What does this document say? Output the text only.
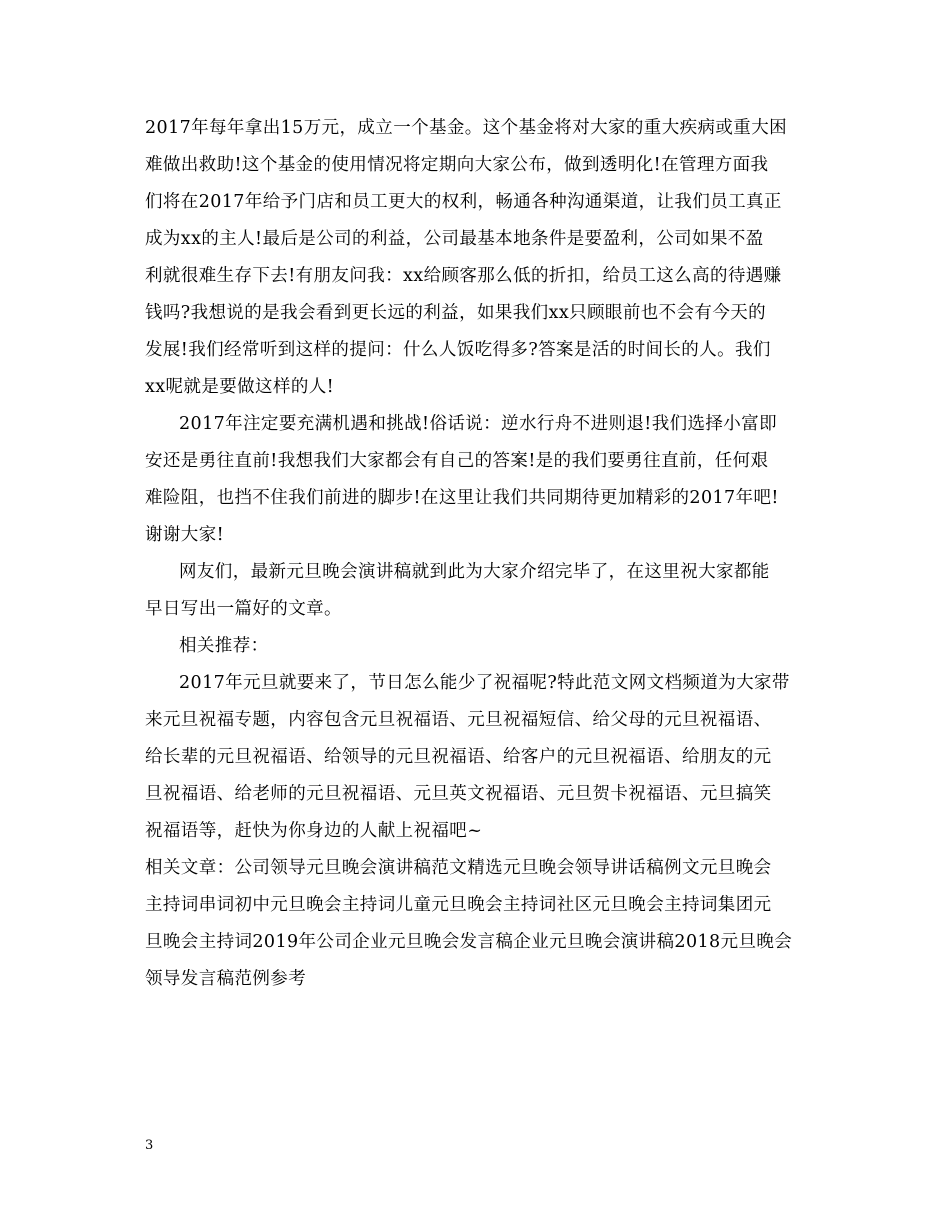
2017年每年拿出15万元，成立一个基金。这个基金将对大家的重大疾病或重大困
难做出救助!这个基金的使用情况将定期向大家公布，做到透明化!在管理方面我
们将在2017年给予门店和员工更大的权利，畅通各种沟通渠道，让我们员工真正
成为xx的主人!最后是公司的利益，公司最基本地条件是要盈利，公司如果不盈
利就很难生存下去!有朋友问我：xx给顾客那么低的折扣，给员工这么高的待遇赚
钱吗?我想说的是我会看到更长远的利益，如果我们xx只顾眼前也不会有今天的
发展!我们经常听到这样的提问：什么人饭吃得多?答案是活的时间长的人。我们
xx呢就是要做这样的人!
2017年注定要充满机遇和挑战!俗话说：逆水行舟不进则退!我们选择小富即
安还是勇往直前!我想我们大家都会有自己的答案!是的我们要勇往直前，任何艰
难险阻，也挡不住我们前进的脚步!在这里让我们共同期待更加精彩的2017年吧!
谢谢大家!
网友们，最新元旦晚会演讲稿就到此为大家介绍完毕了，在这里祝大家都能
早日写出一篇好的文章。
相关推荐：
2017年元旦就要来了，节日怎么能少了祝福呢?特此范文网文档频道为大家带
来元旦祝福专题，内容包含元旦祝福语、元旦祝福短信、给父母的元旦祝福语、
给长辈的元旦祝福语、给领导的元旦祝福语、给客户的元旦祝福语、给朋友的元
旦祝福语、给老师的元旦祝福语、元旦英文祝福语、元旦贺卡祝福语、元旦搞笑
祝福语等，赶快为你身边的人献上祝福吧~
相关文章：公司领导元旦晚会演讲稿范文精选元旦晚会领导讲话稿例文元旦晚会
主持词串词初中元旦晚会主持词儿童元旦晚会主持词社区元旦晚会主持词集团元
旦晚会主持词2019年公司企业元旦晚会发言稿企业元旦晚会演讲稿2018元旦晚会
领导发言稿范例参考
3
